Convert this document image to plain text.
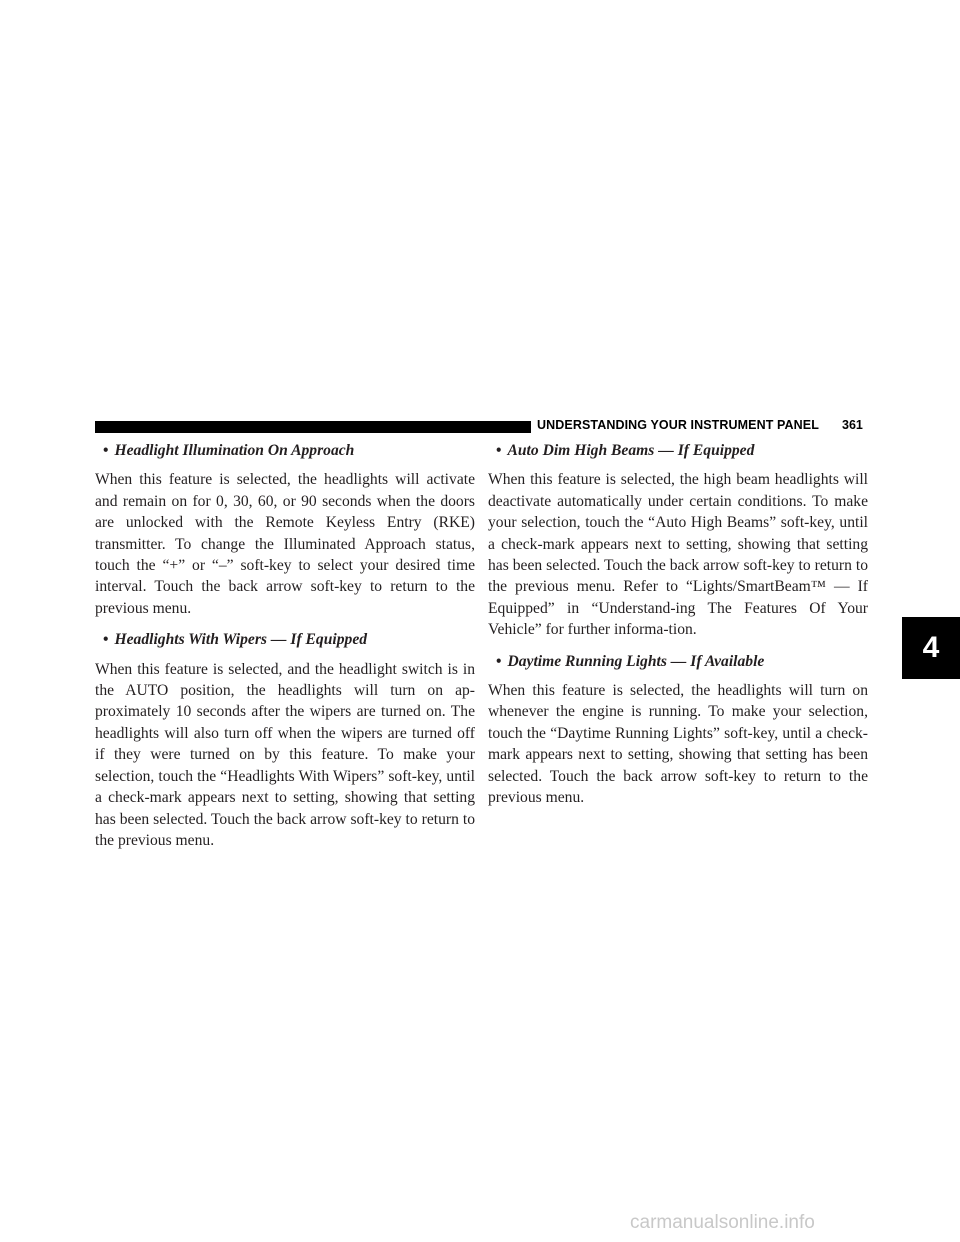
UNDERSTANDING YOUR INSTRUMENT PANEL 361
• Headlight Illumination On Approach

When this feature is selected, the headlights will activate and remain on for 0, 30, 60, or 90 seconds when the doors are unlocked with the Remote Keyless Entry (RKE) transmitter. To change the Illuminated Approach status, touch the “+” or “–” soft-key to select your desired time interval. Touch the back arrow soft-key to return to the previous menu.

• Headlights With Wipers — If Equipped

When this feature is selected, and the headlight switch is in the AUTO position, the headlights will turn on ap-proximately 10 seconds after the wipers are turned on. The headlights will also turn off when the wipers are turned off if they were turned on by this feature. To make your selection, touch the “Headlights With Wipers” soft-key, until a check-mark appears next to setting, showing that setting has been selected. Touch the back arrow soft-key to return to the previous menu.

• Auto Dim High Beams — If Equipped

When this feature is selected, the high beam headlights will deactivate automatically under certain conditions. To make your selection, touch the “Auto High Beams” soft-key, until a check-mark appears next to setting, showing that setting has been selected. Touch the back arrow soft-key to return to the previous menu. Refer to “Lights/SmartBeam™ — If Equipped” in “Understand-ing The Features Of Your Vehicle” for further informa-tion.

• Daytime Running Lights — If Available

When this feature is selected, the headlights will turn on whenever the engine is running. To make your selection, touch the “Daytime Running Lights” soft-key, until a check-mark appears next to setting, showing that setting has been selected. Touch the back arrow soft-key to return to the previous menu.

4
carmanualsonline.info
